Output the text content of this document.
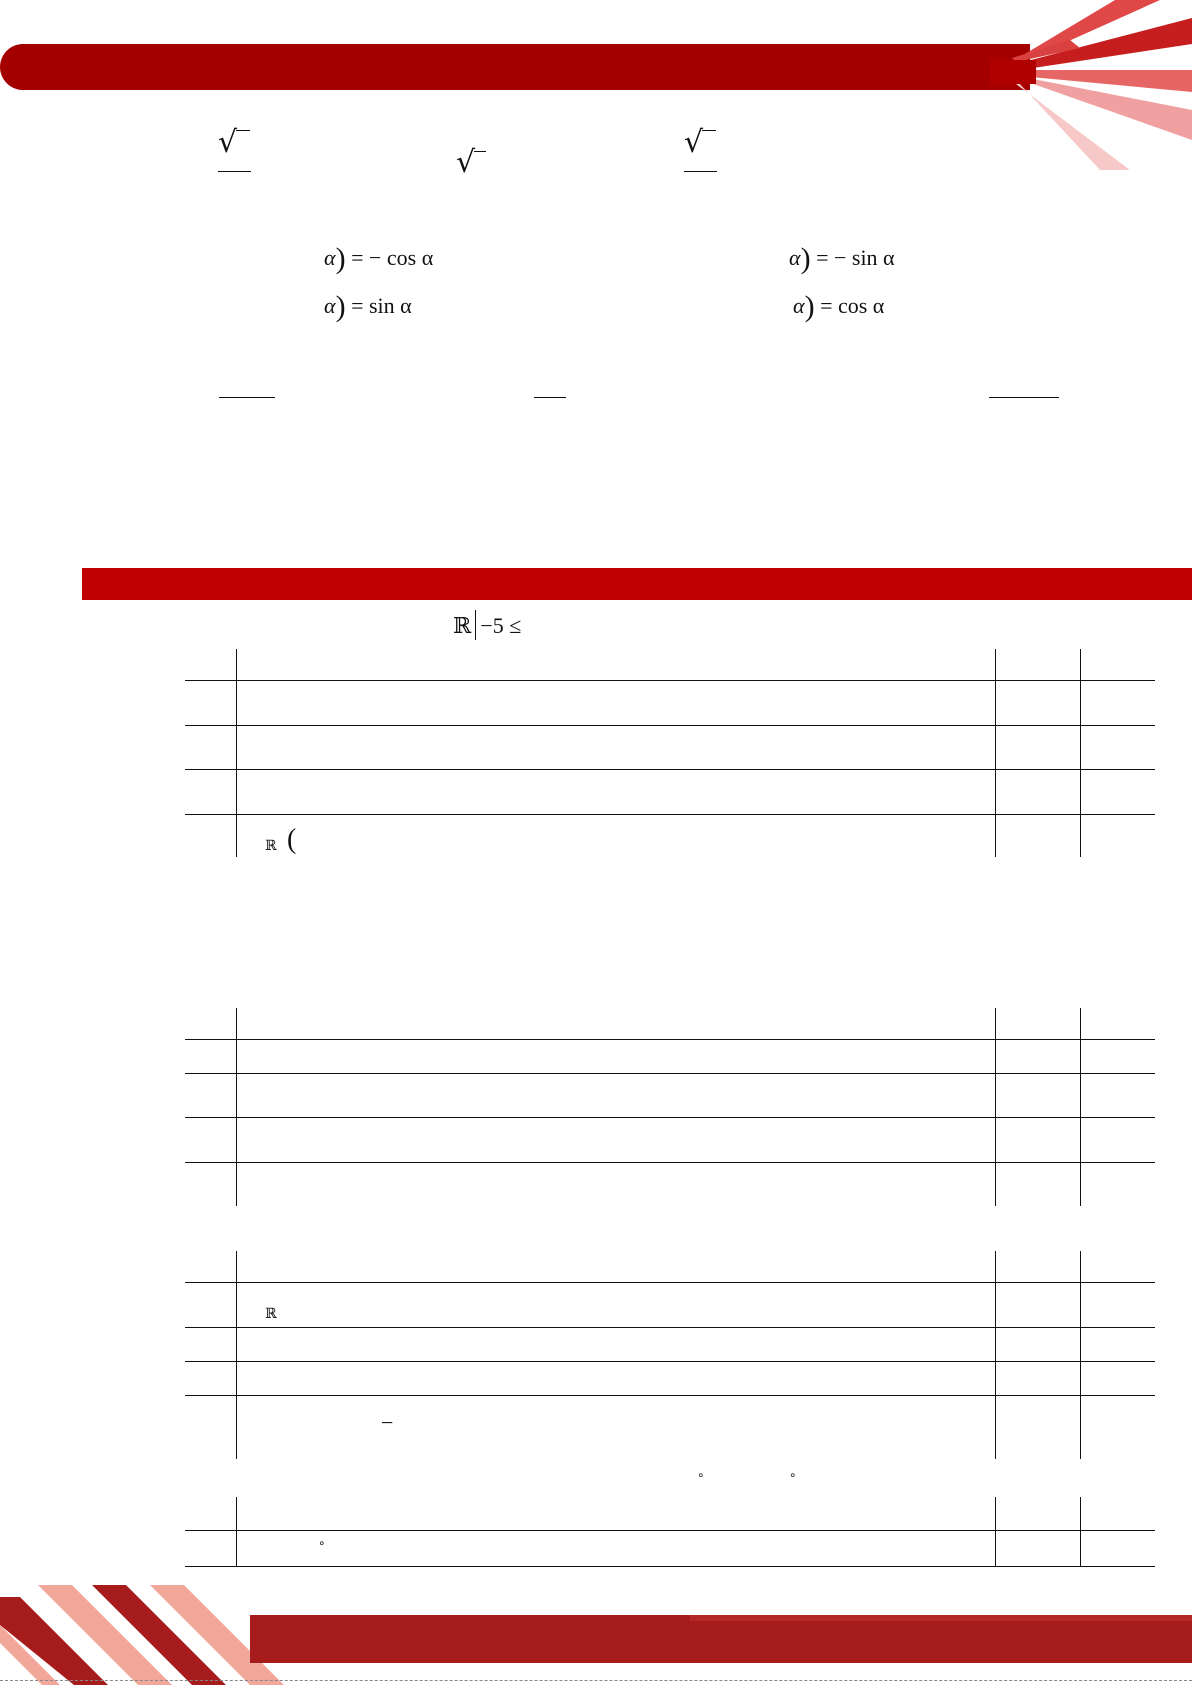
√
√
√
α) = − cos α	α) = − sin α
α) = sin α	α) = cos α
ℝ −5 ≤
ℝ (
ℝ
−
∘	∘
∘
